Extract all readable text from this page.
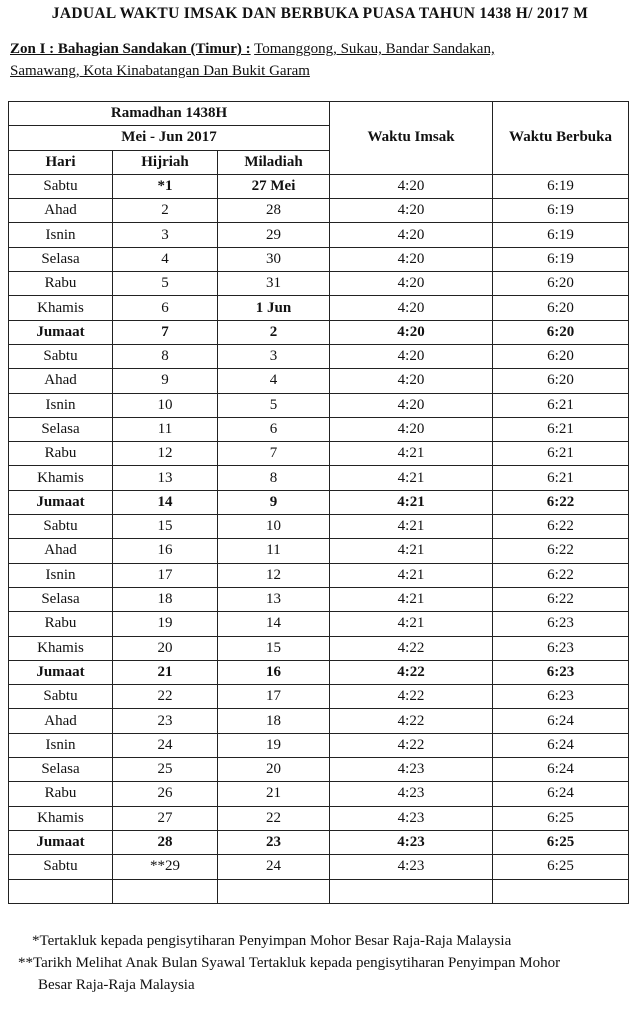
JADUAL WAKTU IMSAK DAN BERBUKA PUASA TAHUN 1438 H/ 2017 M
Zon I : Bahagian Sandakan (Timur) : Tomanggong, Sukau, Bandar Sandakan,
Samawang, Kota Kinabatangan Dan Bukit Garam
Ramadhan 1438H			Waktu Imsak	Waktu Berbuka
Mei - Jun 2017				
Hari	Hijriah	Miladiah		
Sabtu	*1	27 Mei	4:20	6:19
Ahad	2	28	4:20	6:19
Isnin	3	29	4:20	6:19
Selasa	4	30	4:20	6:19
Rabu	5	31	4:20	6:20
Khamis	6	1 Jun	4:20	6:20
Jumaat	7	2	4:20	6:20
Sabtu	8	3	4:20	6:20
Ahad	9	4	4:20	6:20
Isnin	10	5	4:20	6:21
Selasa	11	6	4:20	6:21
Rabu	12	7	4:21	6:21
Khamis	13	8	4:21	6:21
Jumaat	14	9	4:21	6:22
Sabtu	15	10	4:21	6:22
Ahad	16	11	4:21	6:22
Isnin	17	12	4:21	6:22
Selasa	18	13	4:21	6:22
Rabu	19	14	4:21	6:23
Khamis	20	15	4:22	6:23
Jumaat	21	16	4:22	6:23
Sabtu	22	17	4:22	6:23
Ahad	23	18	4:22	6:24
Isnin	24	19	4:22	6:24
Selasa	25	20	4:23	6:24
Rabu	26	21	4:23	6:24
Khamis	27	22	4:23	6:25
Jumaat	28	23	4:23	6:25
Sabtu	**29	24	4:23	6:25

*Tertakluk kepada pengisytiharan Penyimpan Mohor Besar Raja-Raja Malaysia
**Tarikh Melihat Anak Bulan Syawal Tertakluk kepada pengisytiharan Penyimpan Mohor
Besar Raja-Raja Malaysia
